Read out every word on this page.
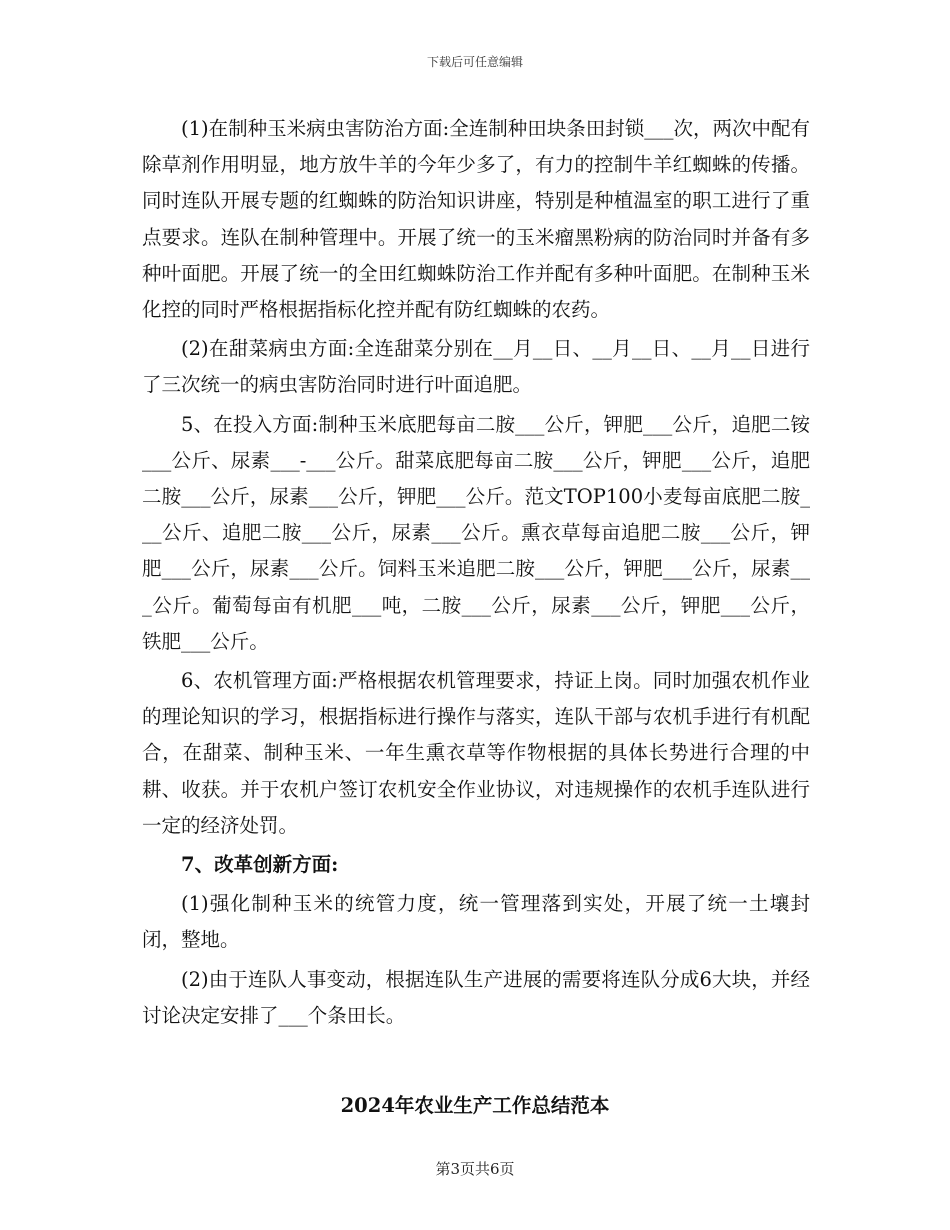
下载后可任意编辑

(1)在制种玉米病虫害防治方面:全连制种田块条田封锁___次，两次中配有除草剂作用明显，地方放牛羊的今年少多了，有力的控制牛羊红蜘蛛的传播。同时连队开展专题的红蜘蛛的防治知识讲座，特别是种植温室的职工进行了重点要求。连队在制种管理中。开展了统一的玉米瘤黑粉病的防治同时并备有多种叶面肥。开展了统一的全田红蜘蛛防治工作并配有多种叶面肥。在制种玉米化控的同时严格根据指标化控并配有防红蜘蛛的农药。

(2)在甜菜病虫方面:全连甜菜分别在__月__日、__月__日、__月__日进行了三次统一的病虫害防治同时进行叶面追肥。

5、在投入方面:制种玉米底肥每亩二胺___公斤，钾肥___公斤，追肥二铵___公斤、尿素___-___公斤。甜菜底肥每亩二胺___公斤，钾肥___公斤，追肥二胺___公斤，尿素___公斤，钾肥___公斤。范文TOP100小麦每亩底肥二胺___公斤、追肥二胺___公斤，尿素___公斤。熏衣草每亩追肥二胺___公斤，钾肥___公斤，尿素___公斤。饲料玉米追肥二胺___公斤，钾肥___公斤，尿素___公斤。葡萄每亩有机肥___吨，二胺___公斤，尿素___公斤，钾肥___公斤，铁肥___公斤。

6、农机管理方面:严格根据农机管理要求，持证上岗。同时加强农机作业的理论知识的学习，根据指标进行操作与落实，连队干部与农机手进行有机配合，在甜菜、制种玉米、一年生熏衣草等作物根据的具体长势进行合理的中耕、收获。并于农机户签订农机安全作业协议，对违规操作的农机手连队进行一定的经济处罚。

7、改革创新方面:

(1)强化制种玉米的统管力度，统一管理落到实处，开展了统一土壤封闭，整地。

(2)由于连队人事变动，根据连队生产进展的需要将连队分成6大块，并经讨论决定安排了___个条田长。

2024年农业生产工作总结范本
第3页共6页
